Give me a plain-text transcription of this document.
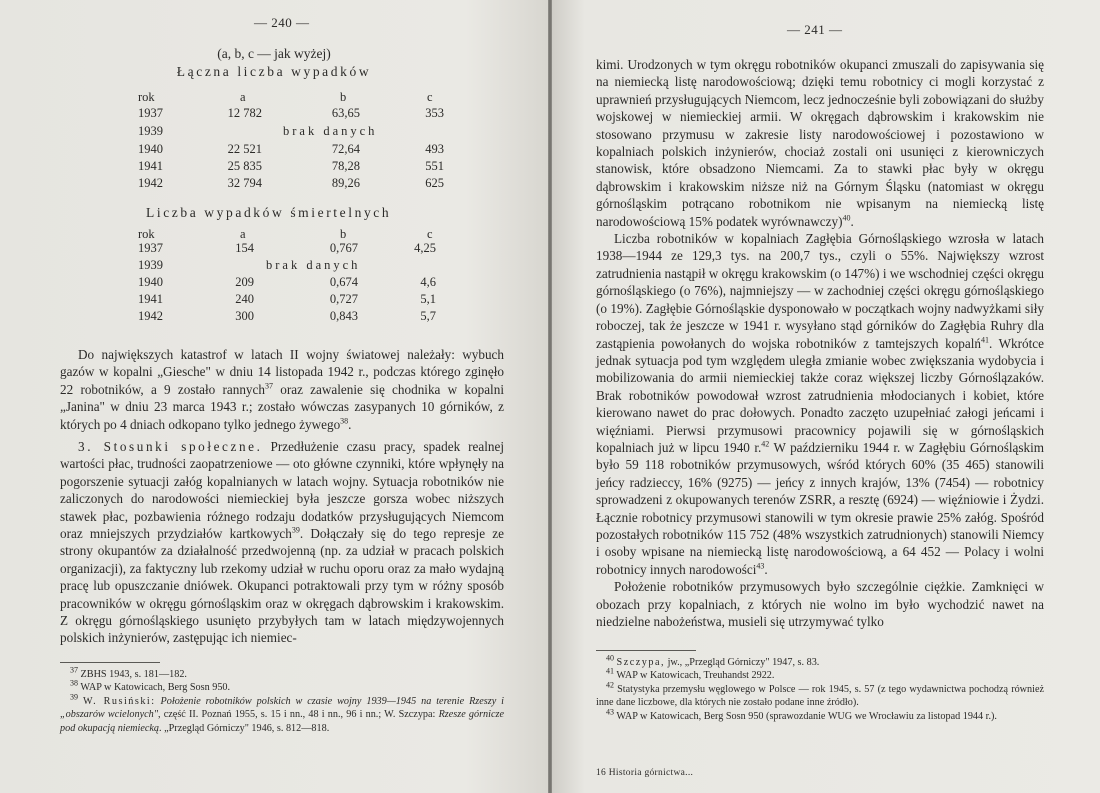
— 240 —
(a, b, c — jak wyżej)
Łączna liczba wypadków
rok	a	b	c
1937	12 782	63,65	353
1939	brak danych
1940	22 521	72,64	493
1941	25 835	78,28	551
1942	32 794	89,26	625
Liczba wypadków śmiertelnych
rok	a	b	c
1937	154	0,767	4,25
1939	brak danych
1940	209	0,674	4,6
1941	240	0,727	5,1
1942	300	0,843	5,7

Do największych katastrof w latach II wojny światowej należały: wybuch gazów w kopalni „Giesche" w dniu 14 listopada 1942 r., podczas którego zginęło 22 robotników, a 9 zostało rannych$^{37}$ oraz zawalenie się chodnika w kopalni „Janina" w dniu 23 marca 1943 r.; zostało wówczas zasypanych 10 górników, z których po 4 dniach odkopano tylko jednego żywego$^{38}$.

3. Stosunki społeczne. Przedłużenie czasu pracy, spadek realnej wartości płac, trudności zaopatrzeniowe — oto główne czynniki, które wpłynęły na pogorszenie sytuacji załóg kopalnianych w latach wojny. Sytuacja robotników nie zaliczonych do narodowości niemieckiej była jeszcze gorsza wobec niższych stawek płac, pozbawienia różnego rodzaju dodatków przysługujących Niemcom oraz mniejszych przydziałów kartkowych$^{39}$. Dołączały się do tego represje ze strony okupantów za działalność przedwojenną (np. za udział w pracach polskich organizacji), za faktyczny lub rzekomy udział w ruchu oporu oraz za mało wydajną pracę lub opuszczanie dniówek. Okupanci potraktowali przy tym w różny sposób pracowników w okręgu górnośląskim oraz w okręgach dąbrowskim i krakowskim. Z okręgu górnośląskiego usunięto przybyłych tam w latach międzywojennych polskich inżynierów, zastępując ich niemiec-

$^{37}$ ZBHS 1943, s. 181—182.

$^{38}$ WAP w Katowicach, Berg Sosn 950.

$^{39}$ W. Rusiński: Położenie robotników polskich w czasie wojny 1939—1945 na terenie Rzeszy i „obszarów wcielonych", część II. Poznań 1955, s. 15 i nn., 48 i nn., 96 i nn.; W. Szczypa: Rzesze górnicze pod okupacją niemiecką. „Przegląd Górniczy" 1946, s. 812—818.

— 241 —

kimi. Urodzonych w tym okręgu robotników okupanci zmuszali do zapisywania się na niemiecką listę narodowościową; dzięki temu robotnicy ci mogli korzystać z uprawnień przysługujących Niemcom, lecz jednocześnie byli zobowiązani do służby wojskowej w niemieckiej armii. W okręgach dąbrowskim i krakowskim nie stosowano przymusu w zakresie listy narodowościowej i pozostawiono w kopalniach polskich inżynierów, chociaż zostali oni usunięci z kierowniczych stanowisk, które obsadzono Niemcami. Za to stawki płac były w okręgu dąbrowskim i krakowskim niższe niż na Górnym Śląsku (natomiast w okręgu górnośląskim potrącano robotnikom nie wpisanym na niemiecką listę narodowościową 15% podatek wyrównawczy)$^{40}$.

Liczba robotników w kopalniach Zagłębia Górnośląskiego wzrosła w latach 1938—1944 ze 129,3 tys. na 200,7 tys., czyli o 55%. Największy wzrost zatrudnienia nastąpił w okręgu krakowskim (o 147%) i we wschodniej części okręgu górnośląskiego (o 76%), najmniejszy — w zachodniej części okręgu górnośląskiego (o 19%). Zagłębie Górnośląskie dysponowało w początkach wojny nadwyżkami siły roboczej, tak że jeszcze w 1941 r. wysyłano stąd górników do Zagłębia Ruhry dla zastąpienia powołanych do wojska robotników z tamtejszych kopalń$^{41}$. Wkrótce jednak sytuacja pod tym względem uległa zmianie wobec zwiększania wydobycia i mobilizowania do armii niemieckiej także coraz większej liczby Górnoślązaków. Brak robotników powodował wzrost zatrudnienia młodocianych i kobiet, które kierowano nawet do prac dołowych. Ponadto zaczęto uzupełniać załogi jeńcami i więźniami. Pierwsi przymusowi pracownicy pojawili się w górnośląskich kopalniach już w lipcu 1940 r.$^{42}$ W październiku 1944 r. w Zagłębiu Górnośląskim było 59 118 robotników przymusowych, wśród których 60% (35 465) stanowili jeńcy radzieccy, 16% (9275) — jeńcy z innych krajów, 13% (7454) — robotnicy sprowadzeni z okupowanych terenów ZSRR, a resztę (6924) — więźniowie i Żydzi. Łącznie robotnicy przymusowi stanowili w tym okresie prawie 25% załóg. Spośród pozostałych robotników 115 752 (48% wszystkich zatrudnionych) stanowili Niemcy i osoby wpisane na niemiecką listę narodowościową, a 64 452 — Polacy i wolni robotnicy innych narodowości$^{43}$.

Położenie robotników przymusowych było szczególnie ciężkie. Zamknięci w obozach przy kopalniach, z których nie wolno im było wychodzić nawet na niedzielne nabożeństwa, musieli się utrzymywać tylko

$^{40}$ Szczypa, jw., „Przegląd Górniczy" 1947, s. 83.

$^{41}$ WAP w Katowicach, Treuhandst 2922.

$^{42}$ Statystyka przemysłu węglowego w Polsce — rok 1945, s. 57 (z tego wydawnictwa pochodzą również inne dane liczbowe, dla których nie zostało podane inne źródło).

$^{43}$ WAP w Katowicach, Berg Sosn 950 (sprawozdanie WUG we Wrocławiu za listopad 1944 r.).

16 Historia górnictwa...
